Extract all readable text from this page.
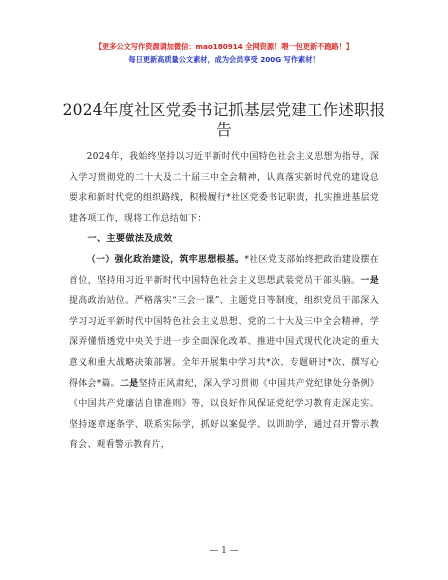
【更多公文写作资源请加微信：mao180914 全网资源！喂一包更新不跑路！】
每日更新高质量公文素材，成为会员享受 200G 写作素材！
2024年度社区党委书记抓基层党建工作述职报告

2024年，我始终坚持以习近平新时代中国特色社会主义思想为指导，深入学习贯彻党的二十大及二十届三中全会精神，认真落实新时代党的建设总要求和新时代党的组织路线，积极履行*社区党委书记职责，扎实推进基层党建各项工作，现将工作总结如下：

一、主要做法及成效

（一）强化政治建设，筑牢思想根基。*社区党支部始终把政治建设摆在首位，坚持用习近平新时代中国特色社会主义思想武装党员干部头脑。一是提高政治站位。严格落实“三会一课”、主题党日等制度，组织党员干部深入学习习近平新时代中国特色社会主义思想、党的二十大及三中全会精神，学深弄懂悟透党中央关于进一步全面深化改革、推进中国式现代化决定的重大意义和重大战略决策部署。全年开展集中学习共*次、专题研讨*次、撰写心得体会*篇。二是坚持正风肃纪，深入学习贯彻《中国共产党纪律处分条例》《中国共产党廉洁自律准则》等，以良好作风保证党纪学习教育走深走实。坚持逐章逐条学、联系实际学，抓好以案促学、以训助学，通过召开警示教育会、观看警示教育片，

— 1 —
